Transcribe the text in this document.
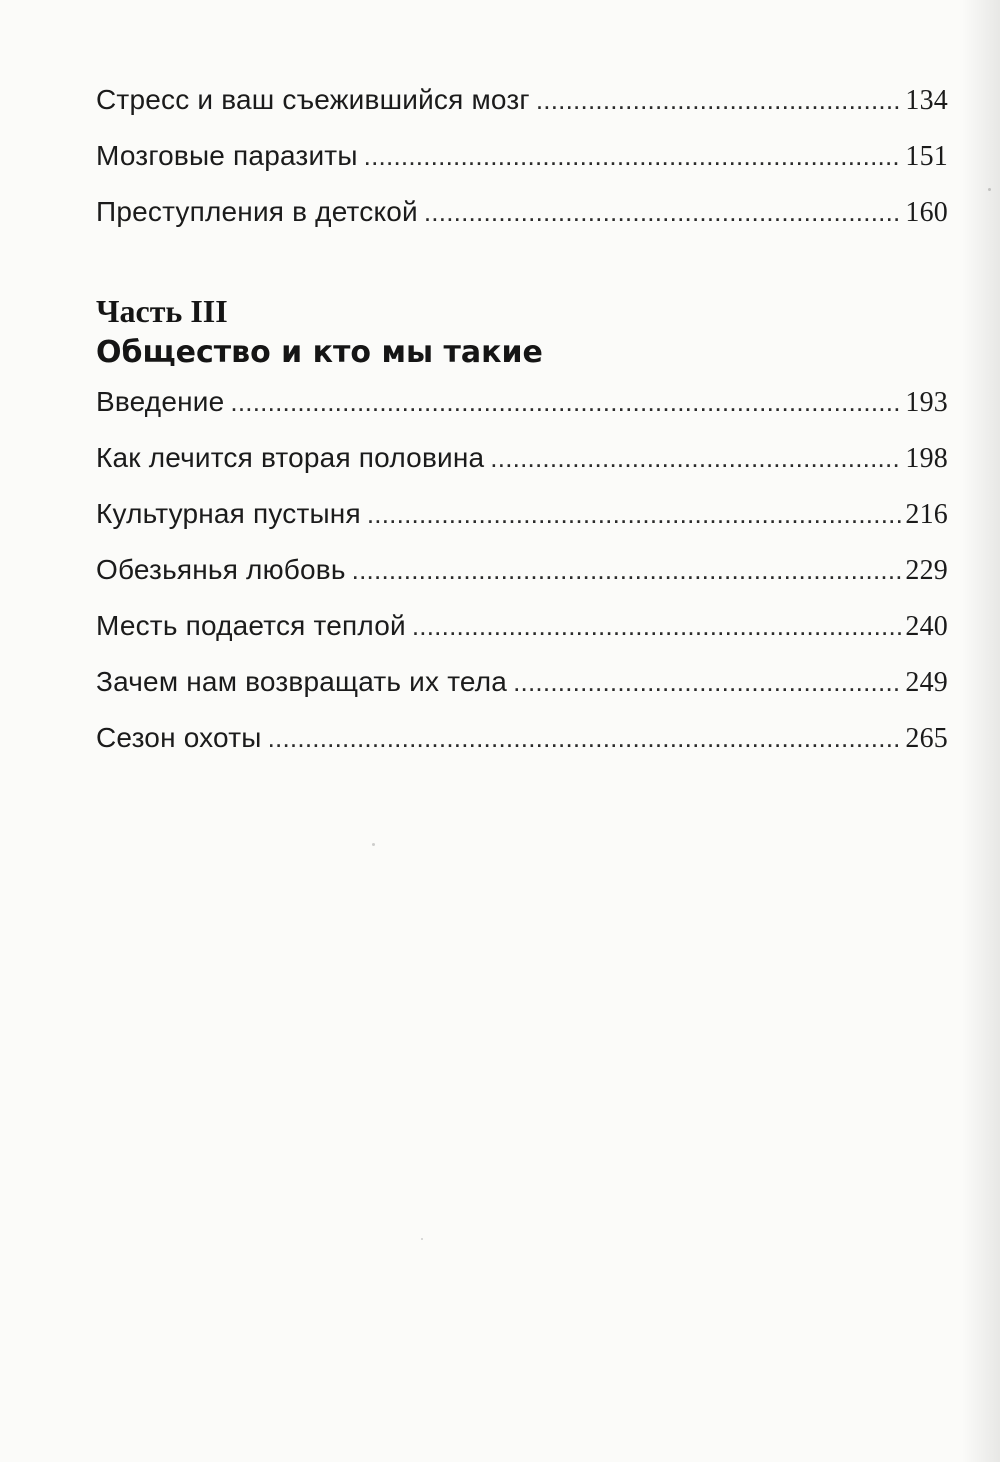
Стресс и ваш съежившийся мозг . . .	134
Мозговые паразиты . . .	151
Преступления в детской . . .	160
Часть III
Общество и кто мы такие
Введение . . .	193
Как лечится вторая половина . . .	198
Культурная пустыня . . .	216
Обезьянья любовь . . .	229
Месть подается теплой . . .	240
Зачем нам возвращать их тела . . .	249
Сезон охоты . . .	265
